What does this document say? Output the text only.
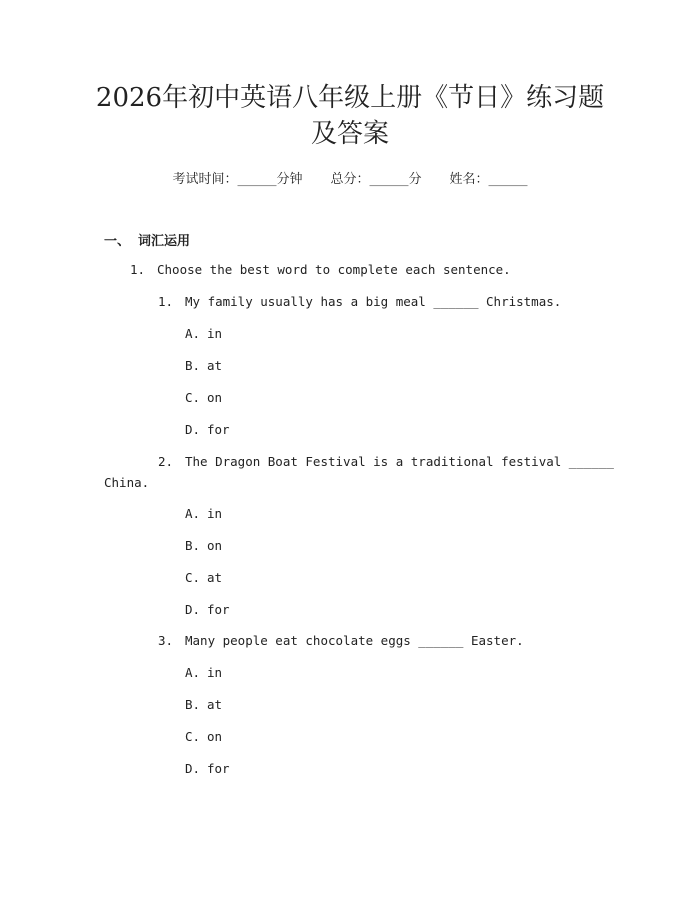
2026年初中英语八年级上册《节日》练习题
及答案
考试时间：______分钟 总分：______分 姓名：______
一、 词汇运用
1. Choose the best word to complete each sentence.
1. My family usually has a big meal ______ Christmas.
A. in
B. at
C. on
D. for
2. The Dragon Boat Festival is a traditional festival ______
China.
A. in
B. on
C. at
D. for
3. Many people eat chocolate eggs ______ Easter.
A. in
B. at
C. on
D. for
